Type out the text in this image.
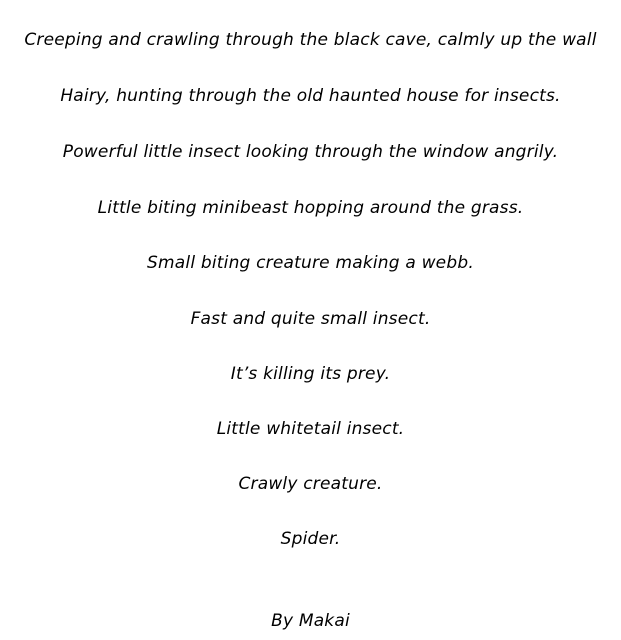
Creeping and crawling through the black cave, calmly up the wall
Hairy, hunting through the old haunted house for insects.
Powerful little insect looking through the window angrily.
Little biting minibeast hopping around the grass.
Small biting creature making a webb.
Fast and quite small insect.
It’s killing its prey.
Little whitetail insect.
Crawly creature.
Spider.
By Makai
